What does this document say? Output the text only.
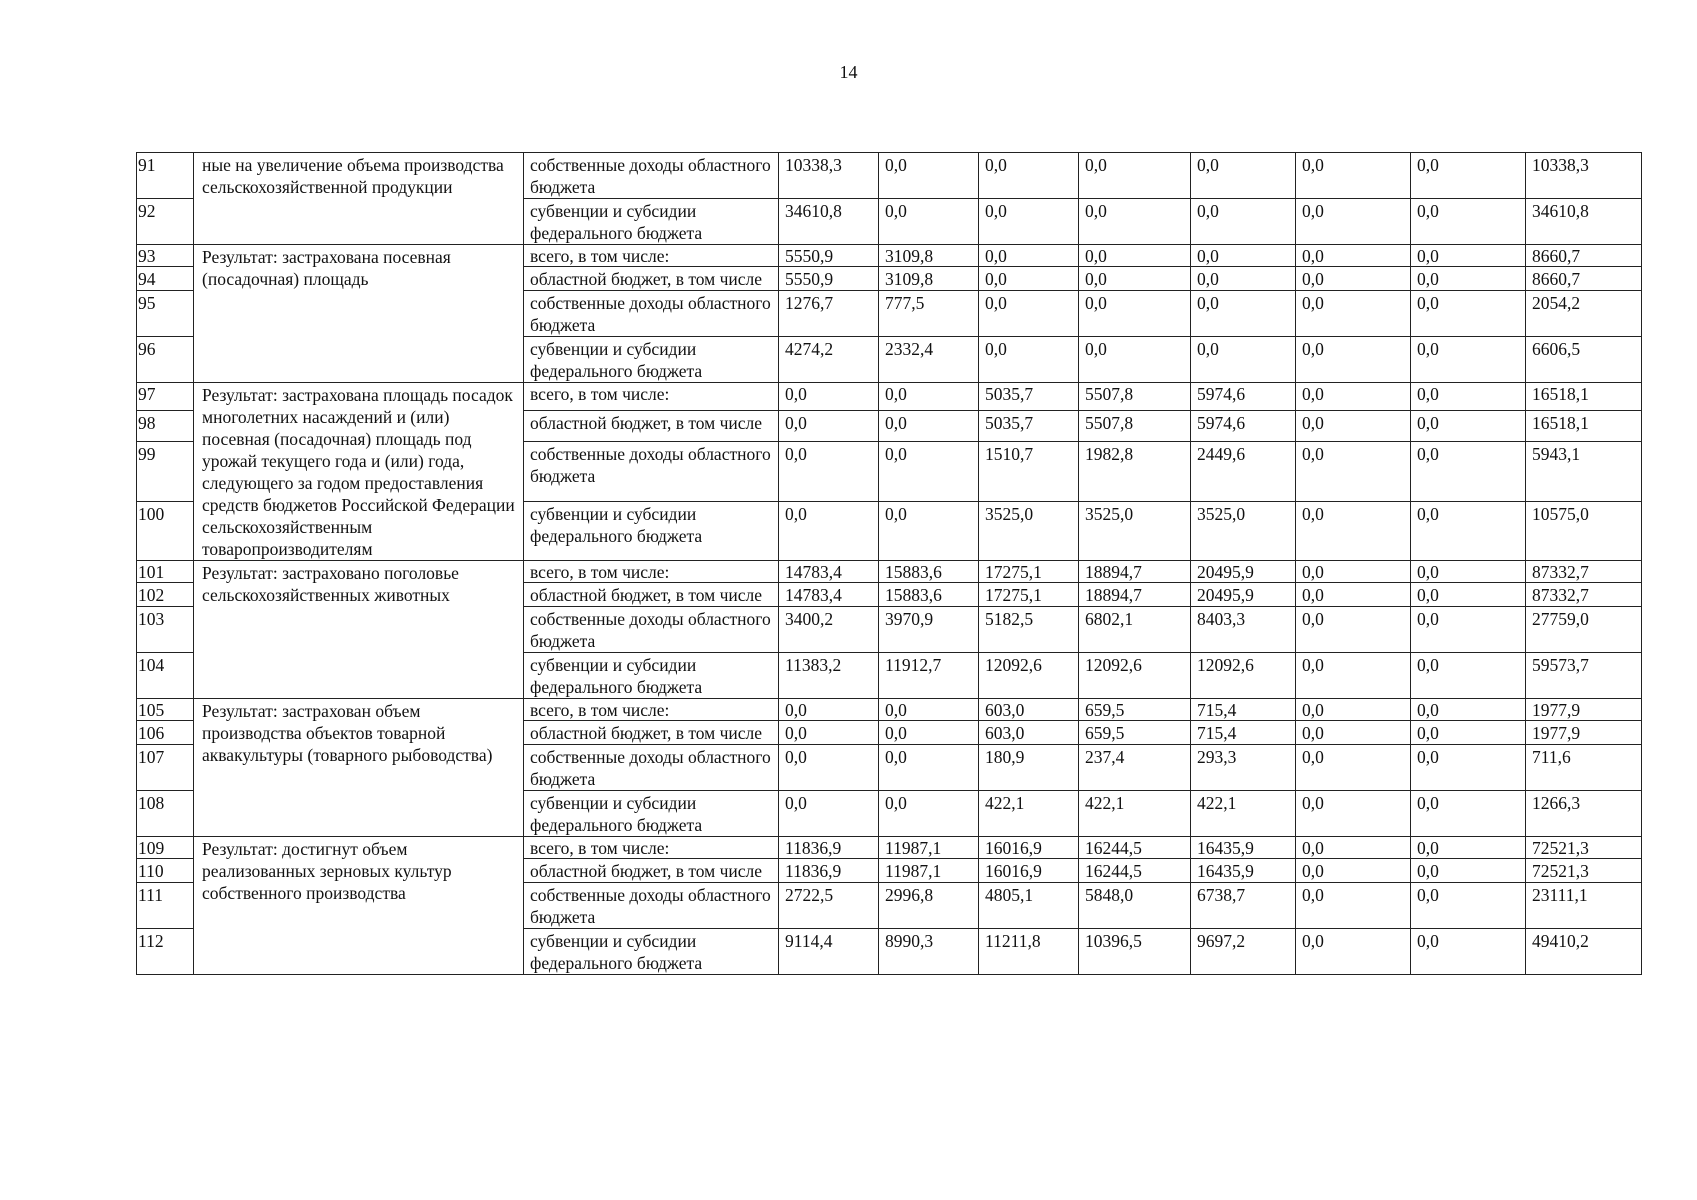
14
91	ные на увеличение объема производства сельскохозяйственной продукции	собственные доходы областного бюджета	10338,3	0,0	0,0	0,0	0,0	0,0	0,0	10338,3
92		субвенции и субсидии федерального бюджета	34610,8	0,0	0,0	0,0	0,0	0,0	0,0	34610,8
93	Результат: застрахована посевная (посадочная) площадь	всего, в том числе:	5550,9	3109,8	0,0	0,0	0,0	0,0	0,0	8660,7
94		областной бюджет, в том числе	5550,9	3109,8	0,0	0,0	0,0	0,0	0,0	8660,7
95		собственные доходы областного бюджета	1276,7	777,5	0,0	0,0	0,0	0,0	0,0	2054,2
96		субвенции и субсидии федерального бюджета	4274,2	2332,4	0,0	0,0	0,0	0,0	0,0	6606,5
97	Результат: застрахована площадь посадок многолетних насаждений и (или) посевная (посадочная) площадь под урожай текущего года и (или) года, следующего за годом предоставления средств бюджетов Российской Федерации сельскохозяйственным товаропроизводителям	всего, в том числе:	0,0	0,0	5035,7	5507,8	5974,6	0,0	0,0	16518,1
98		областной бюджет, в том числе	0,0	0,0	5035,7	5507,8	5974,6	0,0	0,0	16518,1
99		собственные доходы областного бюджета	0,0	0,0	1510,7	1982,8	2449,6	0,0	0,0	5943,1
100		субвенции и субсидии федерального бюджета	0,0	0,0	3525,0	3525,0	3525,0	0,0	0,0	10575,0
101	Результат: застраховано поголовье сельскохозяйственных животных	всего, в том числе:	14783,4	15883,6	17275,1	18894,7	20495,9	0,0	0,0	87332,7
102		областной бюджет, в том числе	14783,4	15883,6	17275,1	18894,7	20495,9	0,0	0,0	87332,7
103		собственные доходы областного бюджета	3400,2	3970,9	5182,5	6802,1	8403,3	0,0	0,0	27759,0
104		субвенции и субсидии федерального бюджета	11383,2	11912,7	12092,6	12092,6	12092,6	0,0	0,0	59573,7
105	Результат: застрахован объем производства объектов товарной аквакультуры (товарного рыбоводства)	всего, в том числе:	0,0	0,0	603,0	659,5	715,4	0,0	0,0	1977,9
106		областной бюджет, в том числе	0,0	0,0	603,0	659,5	715,4	0,0	0,0	1977,9
107		собственные доходы областного бюджета	0,0	0,0	180,9	237,4	293,3	0,0	0,0	711,6
108		субвенции и субсидии федерального бюджета	0,0	0,0	422,1	422,1	422,1	0,0	0,0	1266,3
109	Результат: достигнут объем реализованных зерновых культур собственного производства	всего, в том числе:	11836,9	11987,1	16016,9	16244,5	16435,9	0,0	0,0	72521,3
110		областной бюджет, в том числе	11836,9	11987,1	16016,9	16244,5	16435,9	0,0	0,0	72521,3
111		собственные доходы областного бюджета	2722,5	2996,8	4805,1	5848,0	6738,7	0,0	0,0	23111,1
112		субвенции и субсидии федерального бюджета	9114,4	8990,3	11211,8	10396,5	9697,2	0,0	0,0	49410,2
